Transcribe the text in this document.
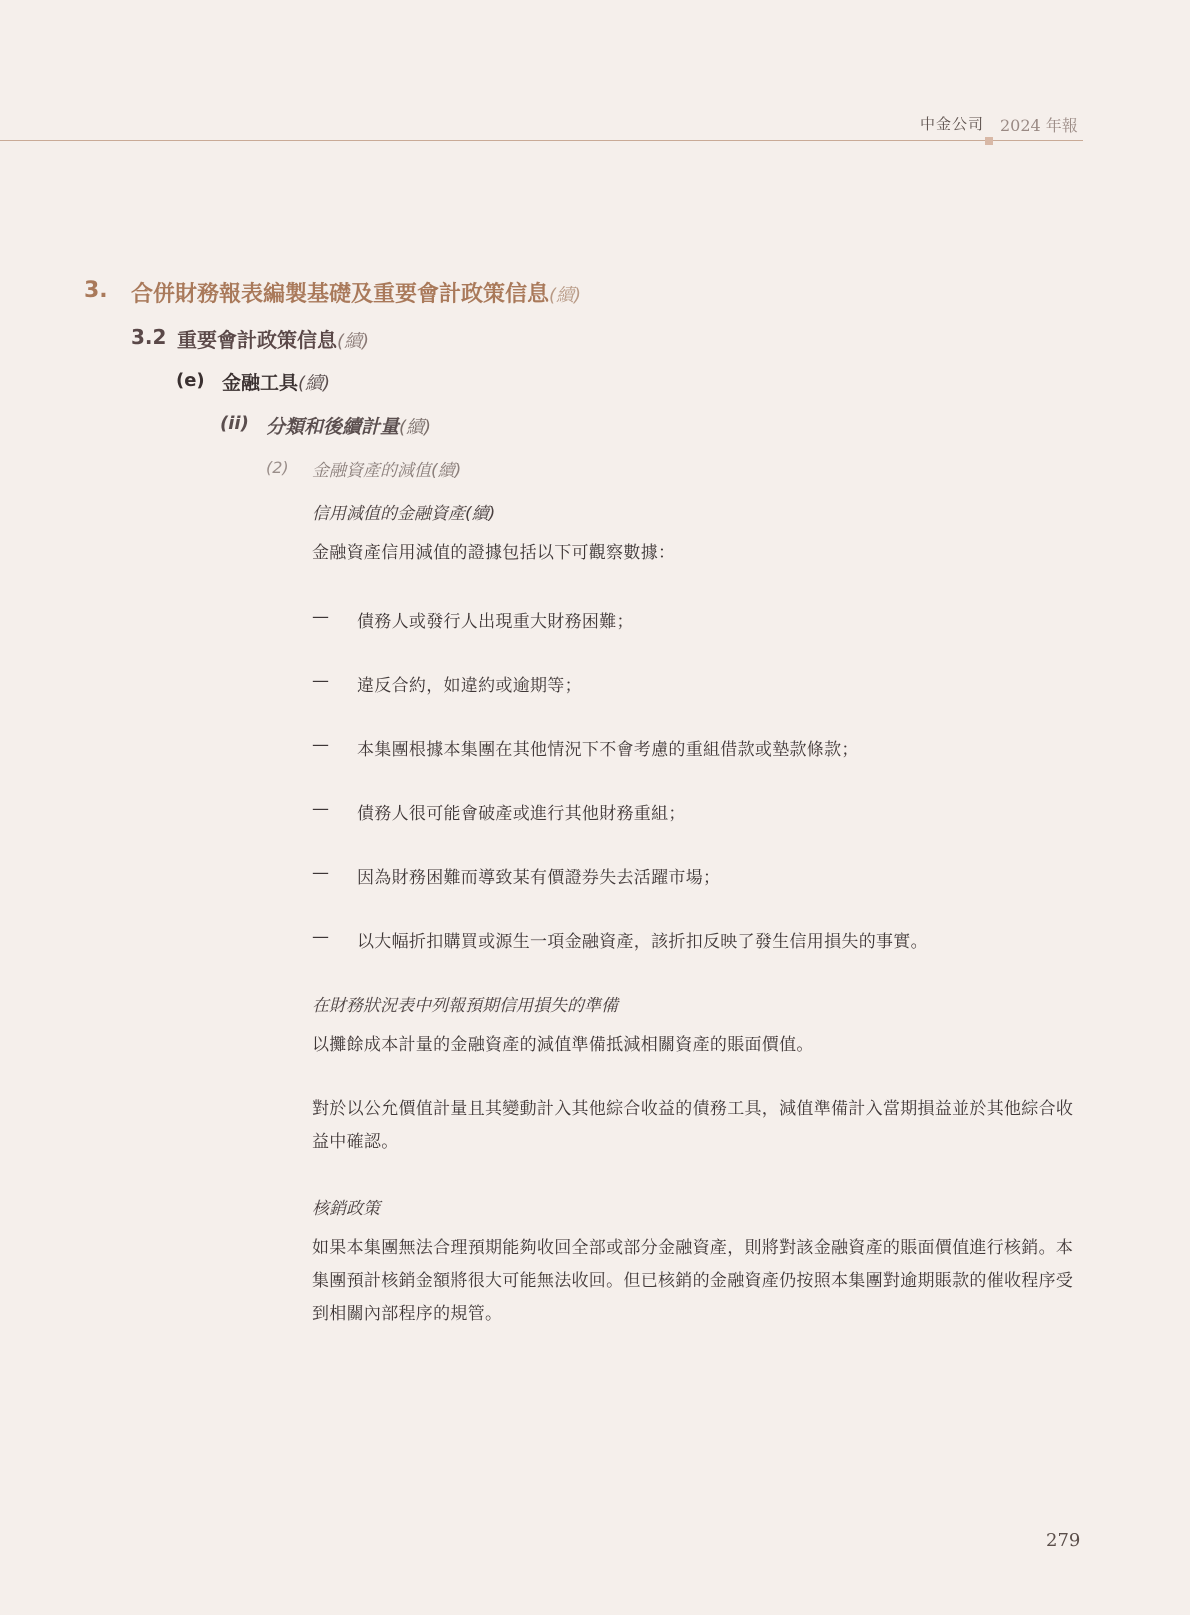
中金公司 2024 年報
3. 合併財務報表編製基礎及重要會計政策信息(續)
3.2 重要會計政策信息(續)
(e) 金融工具(續)
(ii) 分類和後續計量(續)
(2) 金融資產的減值(續)
信用減值的金融資產(續)
金融資產信用減值的證據包括以下可觀察數據：
— 債務人或發行人出現重大財務困難；
— 違反合約，如違約或逾期等；
— 本集團根據本集團在其他情況下不會考慮的重組借款或墊款條款；
— 債務人很可能會破產或進行其他財務重組；
— 因為財務困難而導致某有價證券失去活躍市場；
— 以大幅折扣購買或源生一項金融資產，該折扣反映了發生信用損失的事實。
在財務狀況表中列報預期信用損失的準備
以攤餘成本計量的金融資產的減值準備抵減相關資產的賬面價值。
對於以公允價值計量且其變動計入其他綜合收益的債務工具，減值準備計入當期損益並於其他綜合收益中確認。
核銷政策
如果本集團無法合理預期能夠收回全部或部分金融資產，則將對該金融資產的賬面價值進行核銷。本集團預計核銷金額將很大可能無法收回。但已核銷的金融資產仍按照本集團對逾期賬款的催收程序受到相關內部程序的規管。
279
